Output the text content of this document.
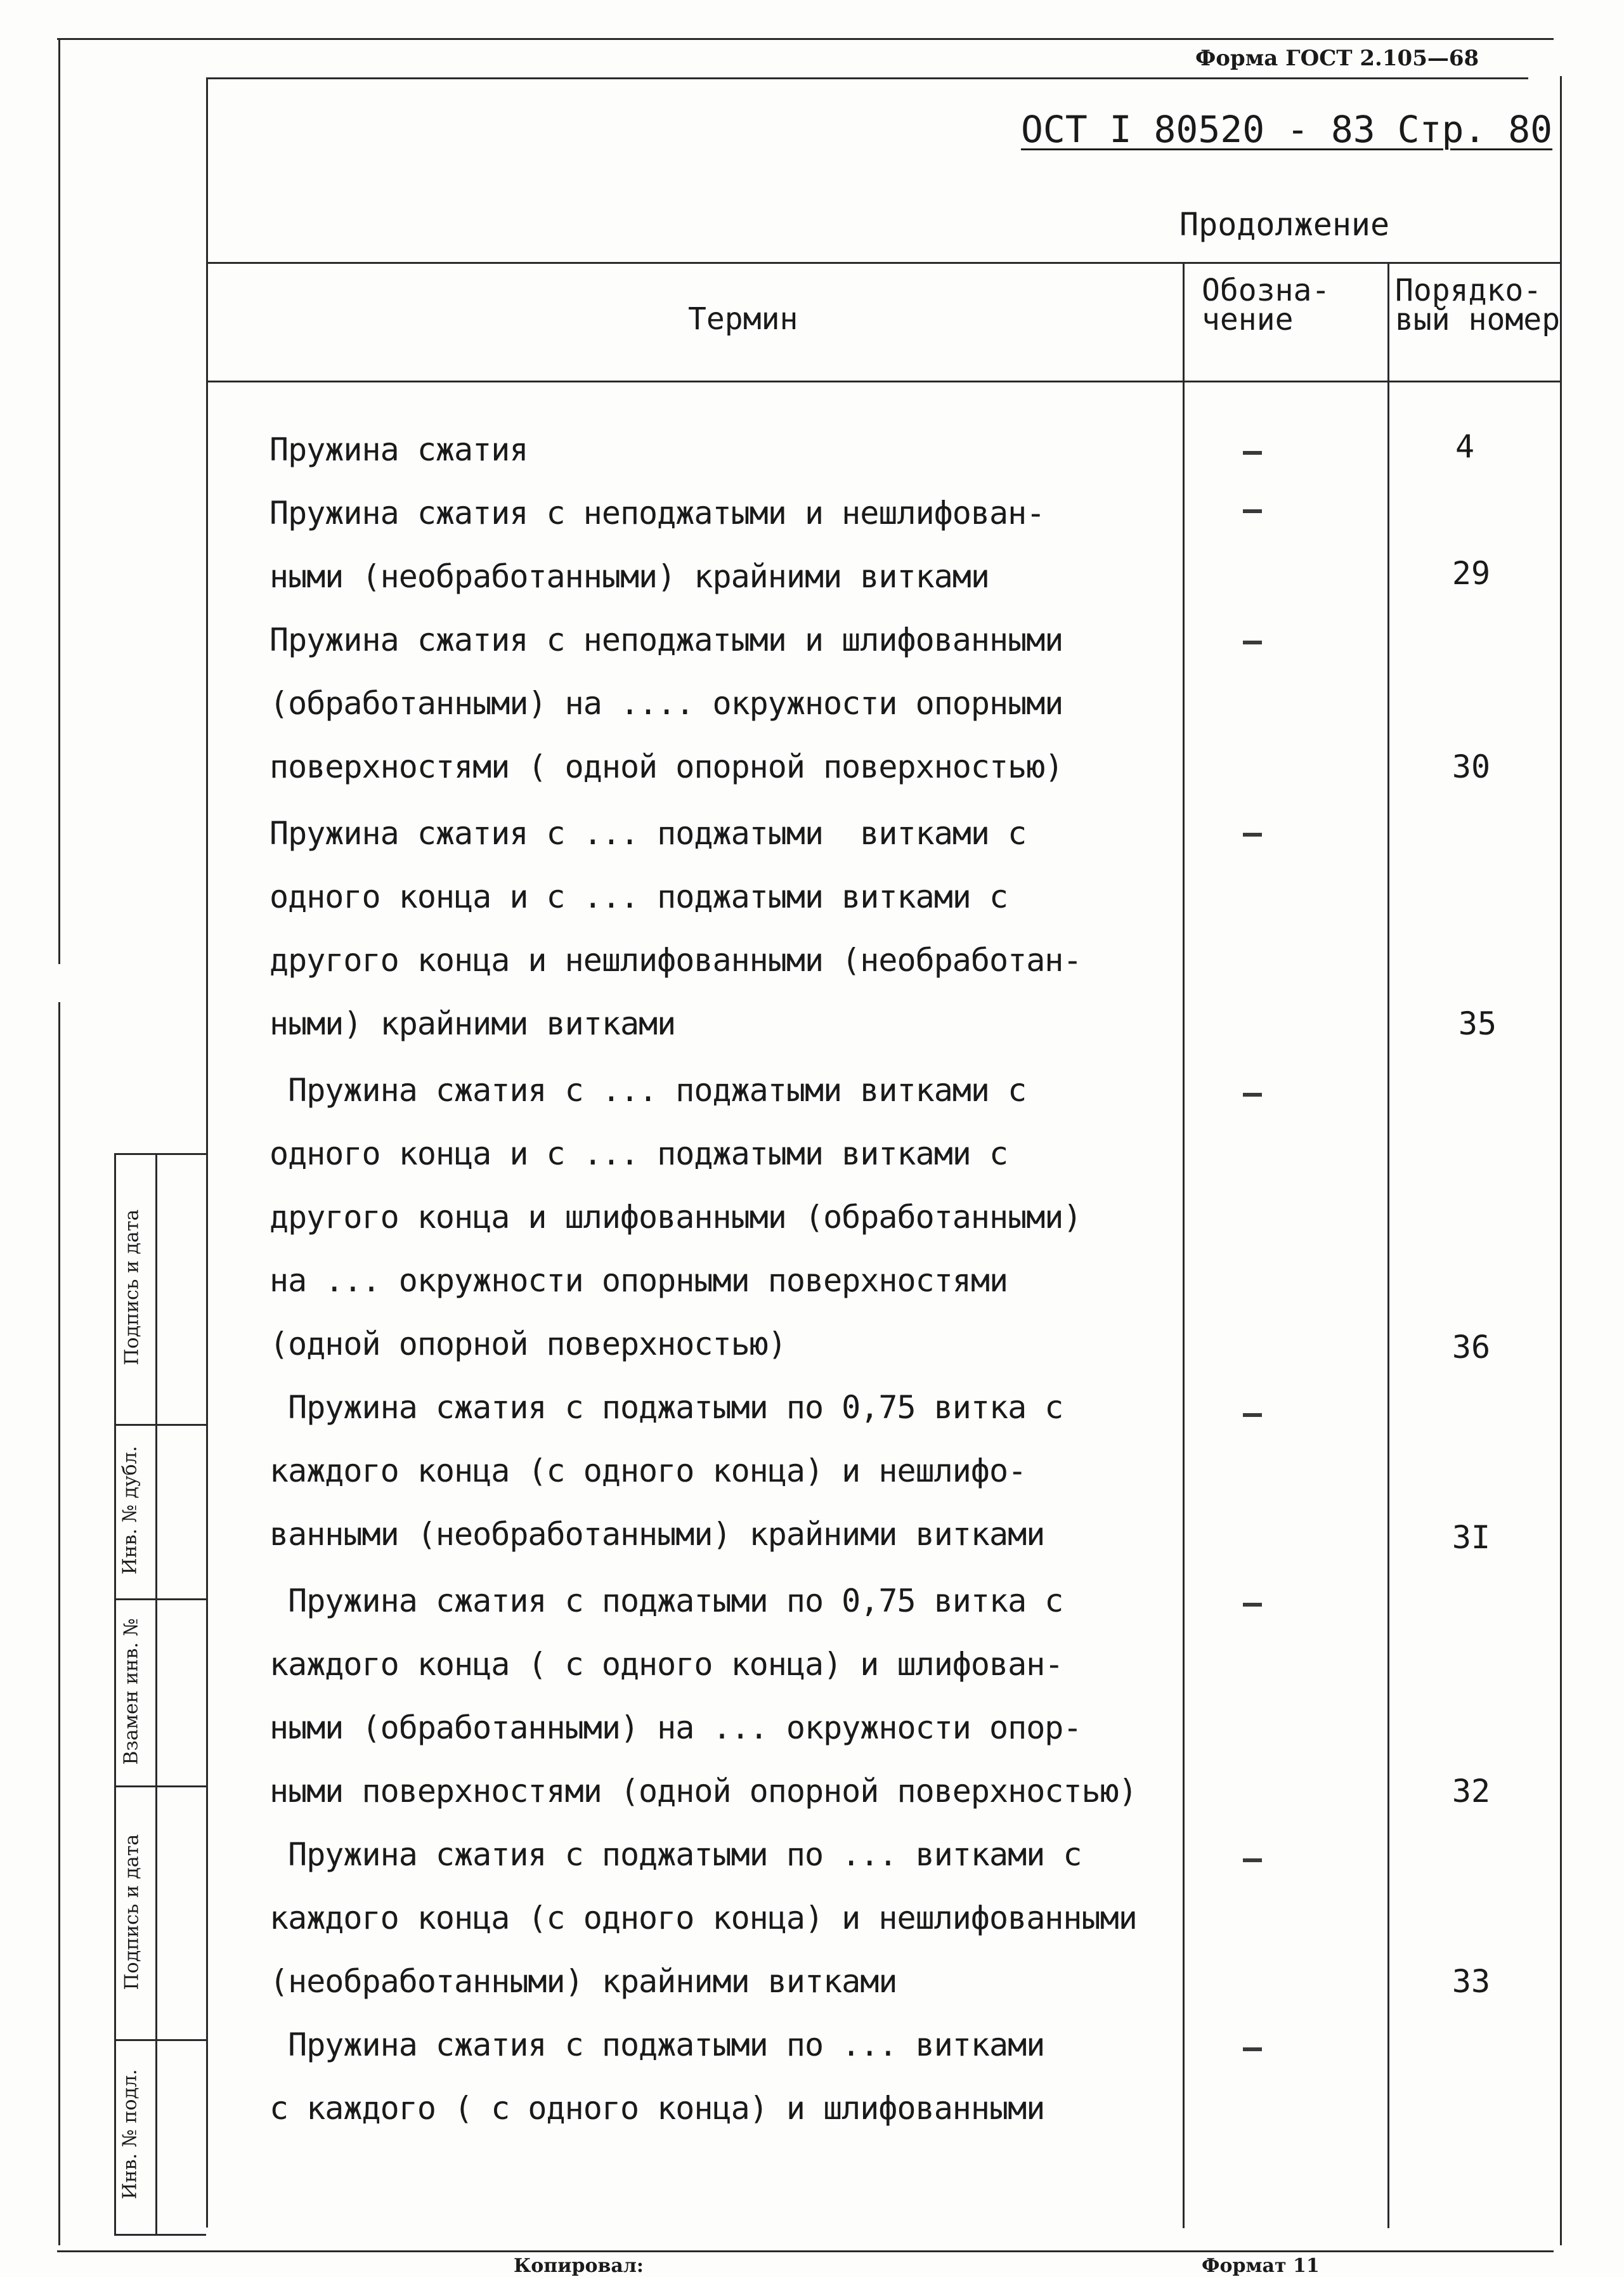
Форма ГОСТ 2.105—68
ОСТ I 80520 - 83 Стр. 80
Продолжение
Термин
Обозна-
чение
Порядко-
вый номер
Пружина сжатия
Пружина сжатия с неподжатыми и нешлифован-
ными (необработанными) крайними витками
Пружина сжатия с неподжатыми и шлифованными
(обработанными) на .... окружности опорными
поверхностями ( одной опорной поверхностью)
Пружина сжатия с ... поджатыми  витками с
одного конца и с ... поджатыми витками с
другого конца и нешлифованными (необработан-
ными) крайними витками
Пружина сжатия с ... поджатыми витками с
одного конца и с ... поджатыми витками с
другого конца и шлифованными (обработанными)
на ... окружности опорными поверхностями
(одной опорной поверхностью)
Пружина сжатия с поджатыми по 0,75 витка с
каждого конца (с одного конца) и нешлифо-
ванными (необработанными) крайними витками
Пружина сжатия с поджатыми по 0,75 витка с
каждого конца ( с одного конца) и шлифован-
ными (обработанными) на ... окружности опор-
ными поверхностями (одной опорной поверхностью)
Пружина сжатия с поджатыми по ... витками с
каждого конца (с одного конца) и нешлифованными
(необработанными) крайними витками
Пружина сжатия с поджатыми по ... витками
с каждого ( с одного конца) и шлифованными
4
29
30
35
36
3I
32
33
Подпись и дата
Инв. № дубл.
Взамен инв. №
Подпись и дата
Инв. № подл.
Копировал:	Формат 11
